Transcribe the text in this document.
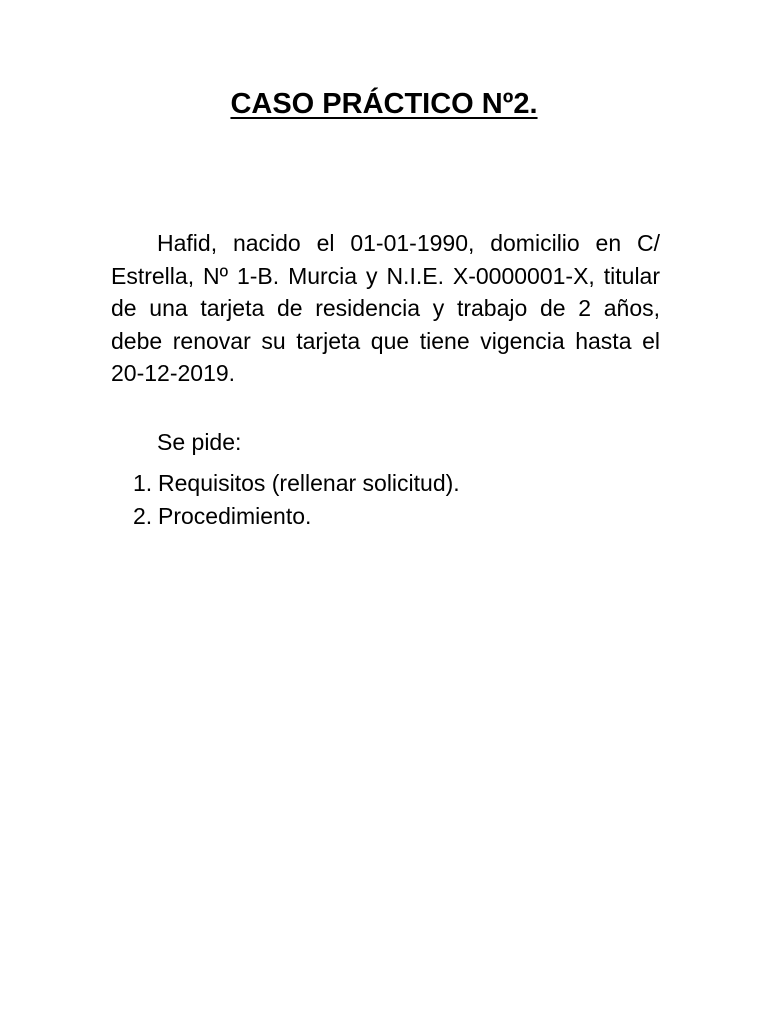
CASO PRÁCTICO Nº2.

Hafid, nacido el 01-01-1990, domicilio en C/ Estrella, Nº 1-B. Murcia y N.I.E. X-0000001-X, titular de una tarjeta de residencia y trabajo de 2 años, debe renovar su tarjeta que tiene vigencia hasta el 20-12-2019.

Se pide:

1. Requisitos (rellenar solicitud).
2. Procedimiento.
